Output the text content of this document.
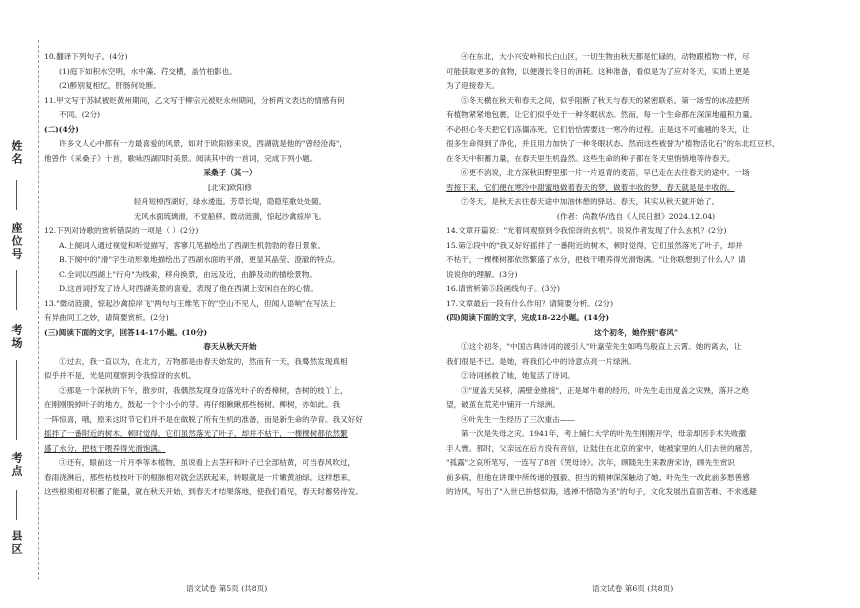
姓名
座位号
考场
考点
县区
10.翻译下列句子。(4分)
(1)庭下如积水空明，水中藻、荇交横，盖竹柏影也。
(2)醉别复相忆，肝肠何处断。
11.甲文写于苏轼被贬黄州期间，乙文写于柳宗元被贬永州期间，分析两文表达的情感有何
不同。(2分)
(二)(4分)
许多文人心中都有一方最喜爱的风景，如对于欧阳修来说，西湖就是他的"曾经沧海"，
他曾作《采桑子》十首，歌咏西湖四时美景。阅读其中的一首词，完成下列小题。
采桑子（其一）
[北宋]欧阳修
轻舟短棹西湖好，绿水逶迤。芳草长堤，隐隐笙歌处处随。
无风水面琉璃滑，不觉船移。微动涟漪，惊起沙禽掠岸飞。
12.下列对诗歌的赏析错误的一项是（ ）(2分)
A.上阕词人通过视觉和听觉描写，客寥几笔描绘出了西湖生机勃勃的春日景象。
B.下阕中的"滑"字生动形象地描绘出了西湖水面的平滑，更显其晶莹、澄澈的特点。
C.全词以西湖上"行舟"为线索，移舟换景，由远及近，由静及动的描绘景物。
D.这首词抒发了诗人对西湖美景的喜爱，表现了他在西湖上安闲自在的心情。
13."微动涟漪，惊起沙禽掠岸飞"两句与王维笔下的"空山不见人，但闻人语响"在写法上
有异曲同工之妙，请简要赏析。(2分)
(三)阅读下面的文字，回答14-17小题。(10分)
春天从秋天开始
①过去，我一直以为，在北方，万物都是由春天始发的，然而有一天，我蓦然发现真相
似乎并不是，光是同观察到令我惊讶的玄机。
②那是一个深秋的下午，散步时，我偶然发现身边落光叶子的香樟树，杏树的枝丫上，
在刚刚脱掉叶子的地方，鼓起一个个小小的芽。再仔细瞅瞅那些杨树、柳树，亦如此。我
一阵惊喜，哦，原来这时节它们并不是在做脱了所有生机的准备，而是新生命的孕育。我又好好
摇拌了一番附近的树木，顿时觉得，它们虽然落光了叶子，却并不枯干，一棵棵树都依然繁
盛了水分，把枝干喂养得光滑饱满。
③还有，眼前这一片月季等本植物，虽说看上去茎秆和叶子已全部枯黄，可当春风吹过，
春雨浇淋后，那些枯枝枝叶下的根脉相对就会活跃起来，转眼就是一片嫩黄油绿。这样想来，
这些根须相对积蓄了能量，就在秋天开始，到春天才结果落地，使我们看见，春天时蓄势待发。
④在东北，大小兴安岭和长白山区，一切生物由秋天都是忙碌的，动物跟植物一样，尽
可能获取更多的食物，以便漫长冬日的消耗。这种准备，看似是为了应对冬天，实质上更是
为了迎接春天。
⑤冬天横在秋天和春天之间，似乎阻断了秋天与春天的紧密联系。第一场雪的冰凌把所
有植物紧紧地包裹，让它们似乎处于一种冬眠状态。然而，每一个生命都在深深地蕴积力量。
不必担心冬天把它们冻僵冻死，它们恰恰需要这一寒冷的过程。正是这不可逾越的冬天，让
很多生命得到了净化，并且用力加快了一种冬眠状态。然而这些被誉为"植物活化石"的东北红豆杉，
在冬天中积蓄力量，在春天里生机盎然。这些生命的种子都在冬天里悄悄地等待春天。
⑥更不消说，北方深秋田野里那一片一片返青的麦苗，早已走在去往春天的途中。一场
雪接下来，它们便在寒冷中甜蜜地做着春天的梦，做着丰收的梦，春天就是是丰收的。
⑦冬天，是秋天去往春天途中加油休憩的驿站。春天，其实从秋天就开始了。
(作者：尚教华/选自《人民日报》2024.12.04)
14.文章开篇说："光着同观察到令我惊讶的玄机"。说说作者发现了什么玄机？(2分)
15.第②段中的"我又好好摇拌了一番附近的树木，顿时觉得，它们虽然落光了叶子，却并
不枯干，一棵棵树都依然繁盛了水分，把枝干喂养得光滑饱满。"让你联想到了什么人？请
说说你的理解。(3分)
16.请赏析第⑤段画线句子。(3分)
17.文章最后一段有什么作用？请简要分析。(2分)
(四)阅读下面的文字，完成18-22小题。(14分)
这个初冬，她作别"春风"
①这个初冬，"中国古典诗词的渡引人"叶嘉莹先生如鸣鸟般直上云霄。她的离去，让
我们很是不已。是她，将我们心中的诗意点亮一片绿洲。
②诗词拯救了她，她复活了诗词。
③"度盖天吴移，满壁金推接"，正是犀牛难的经历，叶先生走出度盖之灾殃，落开之绝
望，破茧在荒芜中铺开一片绿洲。
④叶先生一生经历了三次重击——
第一次是失母之灾。1941年，考上辅仁大学的叶先生刚刚开学，母亲却因手术失败撒
手人寰。那时，父亲远在后方没有音信，让陆住在北京的家中，她被家里的人们去世的痛苦，
"孤露"之哀所笔写，一连写了8首《哭母诗》。次年，顾随先生来教唐宋诗，顾先生赏识
前多病，但他在讲课中所传递的强毅、担当的精神深深触动了她。叶先生一改此前多愁善感
的诗风，写出了"入世已拚悠似海，逃禅不惜隐为圣"的句子，文化发展出直面苦难、不求逃避
语文试卷 第5页 (共8页)	语文试卷 第6页 (共8页)
